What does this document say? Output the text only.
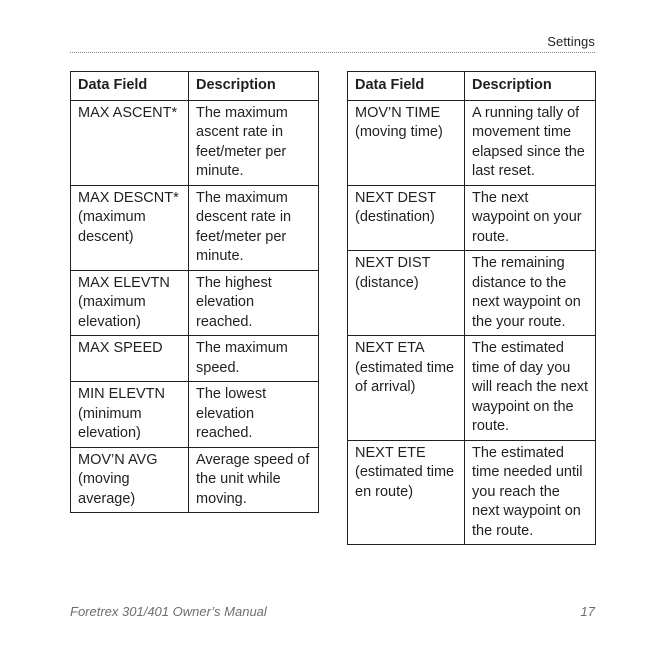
Settings
Data Field	Description
MAX ASCENT*	The maximum ascent rate in feet/meter per minute.
MAX DESCNT* (maximum descent)	The maximum descent rate in feet/meter per minute.
MAX ELEVTN (maximum elevation)	The highest elevation reached.
MAX SPEED	The maximum speed.
MIN ELEVTN (minimum elevation)	The lowest elevation reached.
MOV’N AVG (moving average)	Average speed of the unit while moving.
Data Field	Description
MOV’N TIME (moving time)	A running tally of movement time elapsed since the last reset.
NEXT DEST (destination)	The next waypoint on your route.
NEXT DIST (distance)	The remaining distance to the next waypoint on the your route.
NEXT ETA (estimated time of arrival)	The estimated time of day you will reach the next waypoint on the route.
NEXT ETE (estimated time en route)	The estimated time needed until you reach the next waypoint on the route.
Foretrex 301/401 Owner’s Manual	17
